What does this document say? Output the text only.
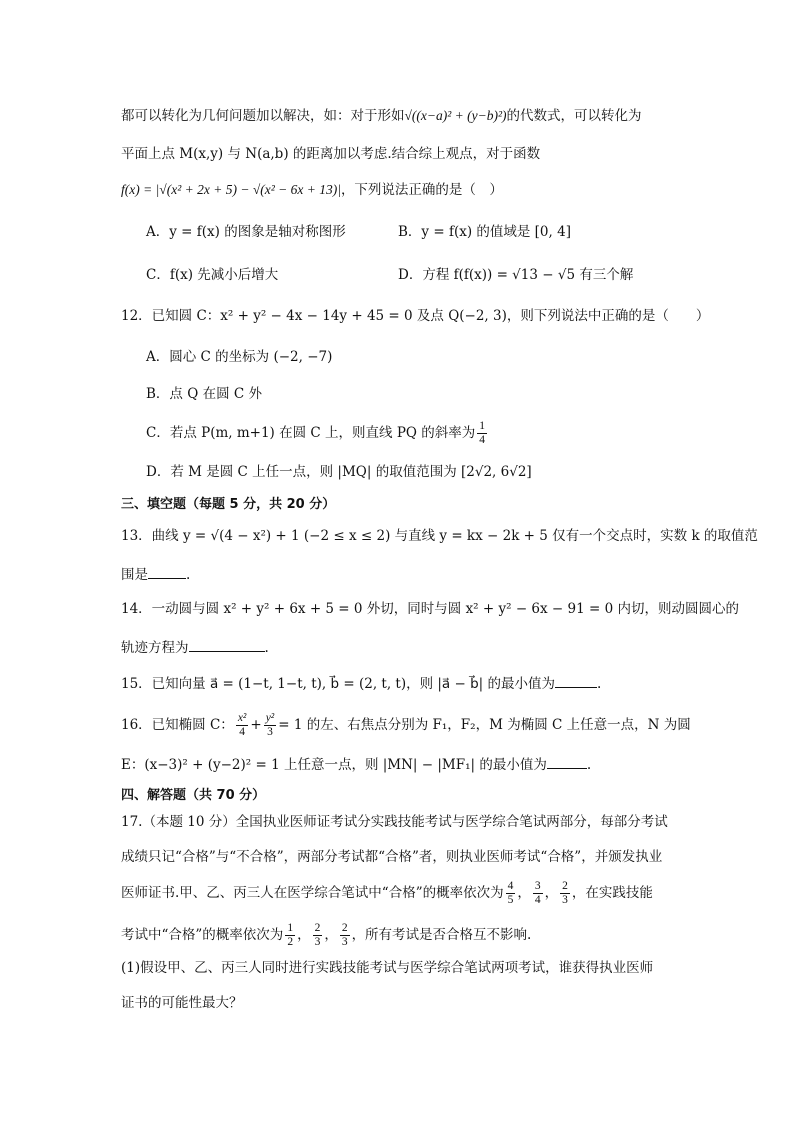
都可以转化为几何问题加以解决，如：对于形如√((x−a)² + (y−b)²)的代数式，可以转化为
平面上点 M(x,y) 与 N(a,b) 的距离加以考虑.结合综上观点，对于函数
f(x) = |√(x² + 2x + 5) − √(x² − 6x + 13)|，下列说法正确的是（　）
A．y = f(x) 的图象是轴对称图形	B．y = f(x) 的值域是 [0, 4]
C．f(x) 先减小后增大	D．方程 f(f(x)) = √13 − √5 有三个解
12．已知圆 C：x² + y² − 4x − 14y + 45 = 0 及点 Q(−2, 3)，则下列说法中正确的是（　　）
A．圆心 C 的坐标为 (−2, −7)
B．点 Q 在圆 C 外
C．若点 P(m, m+1) 在圆 C 上，则直线 PQ 的斜率为 $\frac{1}{4}$
D．若 M 是圆 C 上任一点，则 |MQ| 的取值范围为 [2√2, 6√2]
三、填空题（每题 5 分，共 20 分）
13．曲线 y = √(4 − x²) + 1 (−2 ≤ x ≤ 2) 与直线 y = kx − 2k + 5 仅有一个交点时，实数 k 的取值范
围是	.
14．一动圆与圆 x² + y² + 6x + 5 = 0 外切，同时与圆 x² + y² − 6x − 91 = 0 内切，则动圆圆心的
轨迹方程为	.
15．已知向量 a⃗ = (1−t, 1−t, t), b⃗ = (2, t, t)，则 |a⃗ − b⃗| 的最小值为	.
16．已知椭圆 C： $\frac{\text{x²}}{4} + \frac{\text{y²}}{3} = 1$ 的左、右焦点分别为 F₁，F₂，M 为椭圆 C 上任意一点，N 为圆
E：(x−3)² + (y−2)² = 1 上任意一点，则 |MN| − |MF₁| 的最小值为	.
四、解答题（共 70 分）
17.（本题 10 分）全国执业医师证考试分实践技能考试与医学综合笔试两部分，每部分考试
成绩只记“合格”与“不合格”，两部分考试都“合格”者，则执业医师考试“合格”，并颁发执业
医师证书.甲、乙、丙三人在医学综合笔试中“合格”的概率依次为 $\frac{4}{5}$ ， $\frac{3}{4}$ ， $\frac{2}{3}$ ，在实践技能
考试中“合格”的概率依次为 $\frac{1}{2}$ ， $\frac{2}{3}$ ， $\frac{2}{3}$ ，所有考试是否合格互不影响.
(1)假设甲、乙、丙三人同时进行实践技能考试与医学综合笔试两项考试，谁获得执业医师
证书的可能性最大？
